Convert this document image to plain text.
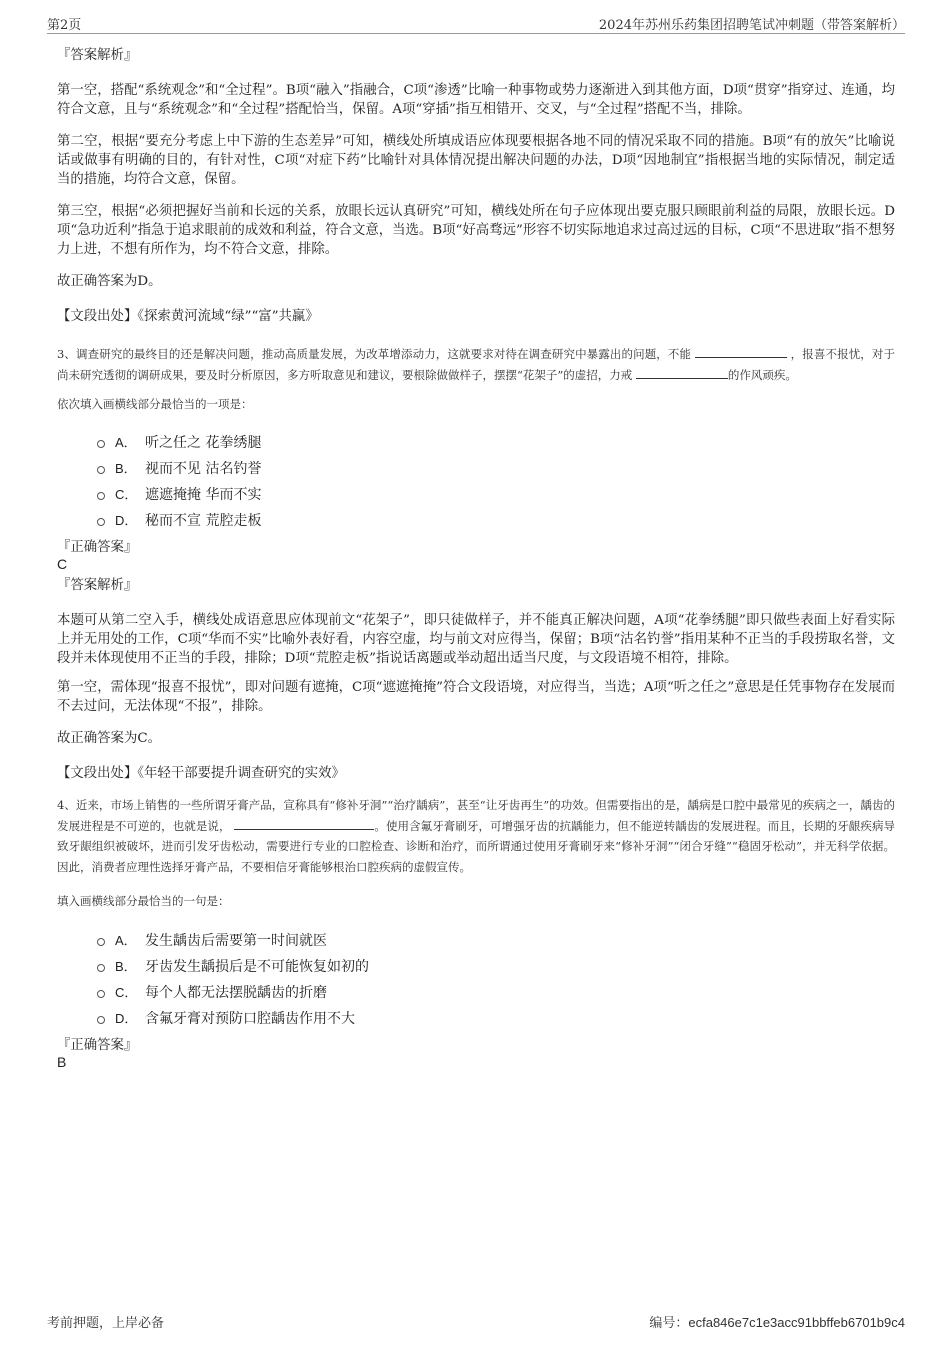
第2页	2024年苏州乐药集团招聘笔试冲刺题（带答案解析）

『答案解析』

第一空，搭配“系统观念”和“全过程”。B项“融入”指融合，C项“渗透”比喻一种事物或势力逐渐进入到其他方面，D项“贯穿”指穿过、连通，均符合文意，且与“系统观念”和“全过程”搭配恰当，保留。A项“穿插”指互相错开、交叉，与“全过程”搭配不当，排除。

第二空，根据“要充分考虑上中下游的生态差异”可知，横线处所填成语应体现要根据各地不同的情况采取不同的措施。B项“有的放矢”比喻说话或做事有明确的目的，有针对性，C项“对症下药”比喻针对具体情况提出解决问题的办法，D项“因地制宜”指根据当地的实际情况，制定适当的措施，均符合文意，保留。

第三空，根据“必须把握好当前和长远的关系，放眼长远认真研究”可知，横线处所在句子应体现出要克服只顾眼前利益的局限，放眼长远。D项“急功近利”指急于追求眼前的成效和利益，符合文意，当选。B项“好高骛远”形容不切实际地追求过高过远的目标，C项“不思进取”指不想努力上进，不想有所作为，均不符合文意，排除。

故正确答案为D。

【文段出处】《探索黄河流域“绿”“富”共赢》

3、调查研究的最终目的还是解决问题，推动高质量发展，为改革增添动力，这就要求对待在调查研究中暴露出的问题，不能	，报喜不报忧，对于尚未研究透彻的调研成果，要及时分析原因，多方听取意见和建议，要根除做做样子，摆摆“花架子”的虚招，力戒	的作风顽疾。

依次填入画横线部分最恰当的一项是：

A． 听之任之 花拳绣腿
B． 视而不见 沽名钓誉
C． 遮遮掩掩 华而不实
D． 秘而不宣 荒腔走板

『正确答案』

C

『答案解析』

本题可从第二空入手，横线处成语意思应体现前文“花架子”，即只徒做样子，并不能真正解决问题，A项“花拳绣腿”即只做些表面上好看实际上并无用处的工作，C项“华而不实”比喻外表好看，内容空虚，均与前文对应得当，保留；B项“沽名钓誉”指用某种不正当的手段捞取名誉，文段并未体现使用不正当的手段，排除；D项“荒腔走板”指说话离题或举动超出适当尺度，与文段语境不相符，排除。

第一空，需体现“报喜不报忧”，即对问题有遮掩，C项“遮遮掩掩”符合文段语境，对应得当，当选；A项“听之任之”意思是任凭事物存在发展而不去过问，无法体现“不报”，排除。

故正确答案为C。

【文段出处】《年轻干部要提升调查研究的实效》

4、近来，市场上销售的一些所谓牙膏产品，宣称具有“修补牙洞”“治疗龋病”，甚至“让牙齿再生”的功效。但需要指出的是，龋病是口腔中最常见的疾病之一，龋齿的发展进程是不可逆的，也就是说，	。使用含氟牙膏刷牙，可增强牙齿的抗龋能力，但不能逆转龋齿的发展进程。而且，长期的牙龈疾病导致牙龈组织被破坏，进而引发牙齿松动，需要进行专业的口腔检查、诊断和治疗，而所谓通过使用牙膏刷牙来“修补牙洞”“闭合牙缝”“稳固牙松动”，并无科学依据。因此，消费者应理性选择牙膏产品，不要相信牙膏能够根治口腔疾病的虚假宣传。

填入画横线部分最恰当的一句是：

A． 发生龋齿后需要第一时间就医
B． 牙齿发生龋损后是不可能恢复如初的
C． 每个人都无法摆脱龋齿的折磨
D． 含氟牙膏对预防口腔龋齿作用不大

『正确答案』

B

考前押题，上岸必备	编号：ecfa846e7c1e3acc91bbffeb6701b9c4
